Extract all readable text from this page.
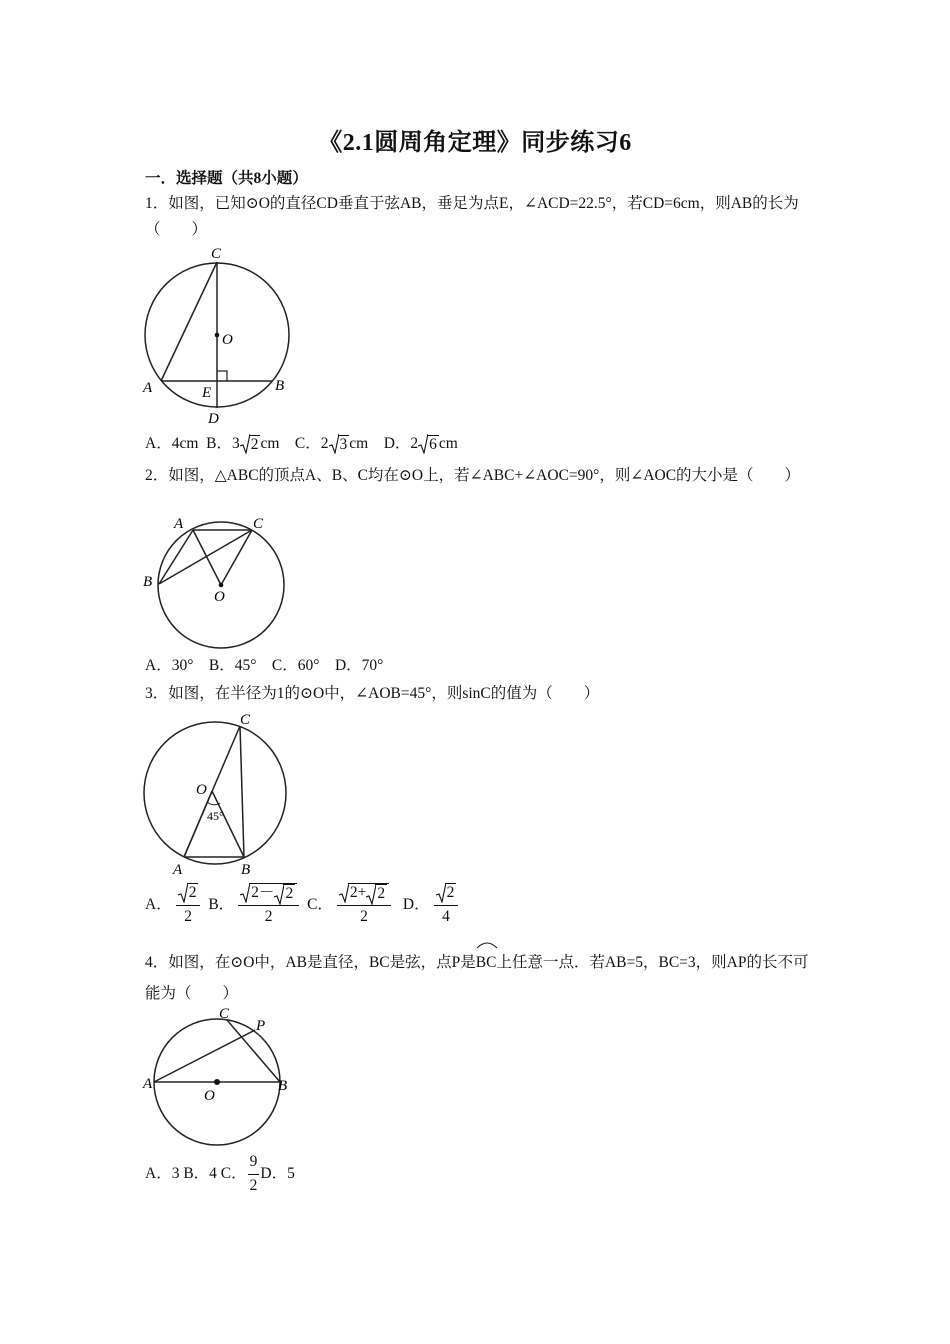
《2.1圆周角定理》同步练习6
一．选择题（共8小题）
1．如图，已知⊙O的直径CD垂直于弦AB，垂足为点E，∠ACD=22.5°，若CD=6cm，则AB的长为（　　）
C
O
A	B
E
D
A．4cm B．3 2 cm C．2 3 cm D．2 6 cm
2．如图，△ABC的顶点A、B、C均在⊙O上，若∠ABC+∠AOC=90°，则∠AOC的大小是（　　）
A	C
B
O
A．30°　B．45°　C．60°　D．70°
3．如图，在半径为1的⊙O中，∠AOB=45°，则sinC的值为（　　）
C
O
45°
A	B
A． $\frac{2}{2}$ B． $\frac{2- 2}{2}$ C． $\frac{2+ 2}{2}$ D． $\frac{2}{4}$
4．如图，在⊙O中，AB是直径，BC是弦，点P是
BC上任意一点．若AB=5，BC=3，则AP的长不可能为（　　）
C
P
A
O
B
A．3 B．4 C． $\frac{9}{2}$ D．5
